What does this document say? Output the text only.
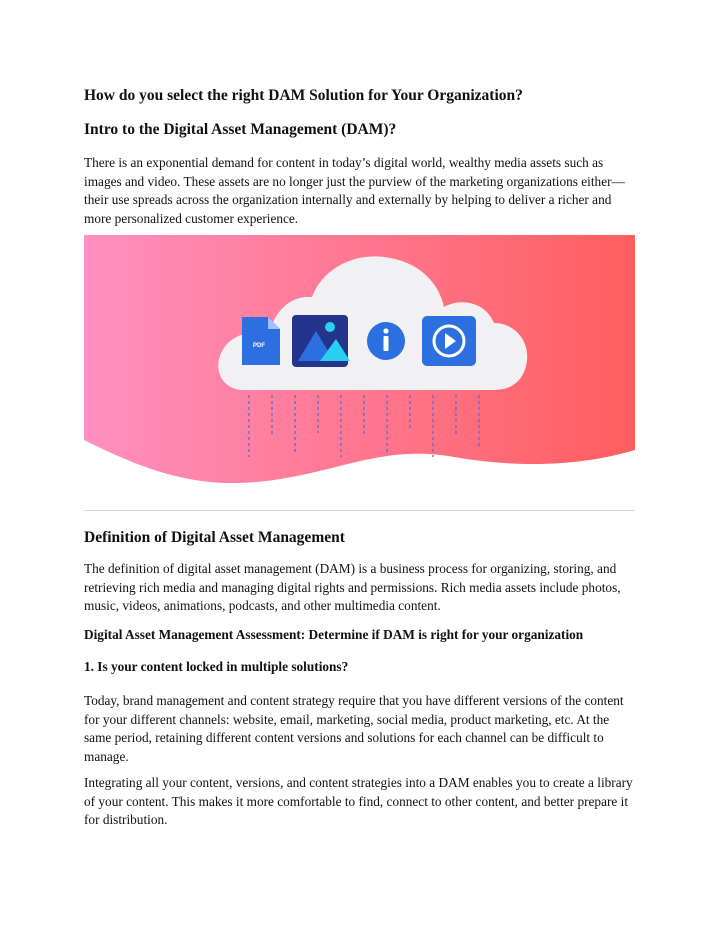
How do you select the right DAM Solution for Your Organization?
Intro to the Digital Asset Management (DAM)?

There is an exponential demand for content in today’s digital world, wealthy media assets such as images and video. These assets are no longer just the purview of the marketing organizations either—their use spreads across the organization internally and externally by helping to deliver a richer and more personalized customer experience.

PDF
Definition of Digital Asset Management

The definition of digital asset management (DAM) is a business process for organizing, storing, and retrieving rich media and managing digital rights and permissions. Rich media assets include photos, music, videos, animations, podcasts, and other multimedia content.

Digital Asset Management Assessment: Determine if DAM is right for your organization
1. Is your content locked in multiple solutions?

Today, brand management and content strategy require that you have different versions of the content for your different channels: website, email, marketing, social media, product marketing, etc. At the same period, retaining different content versions and solutions for each channel can be difficult to manage.

Integrating all your content, versions, and content strategies into a DAM enables you to create a library of your content. This makes it more comfortable to find, connect to other content, and better prepare it for distribution.
